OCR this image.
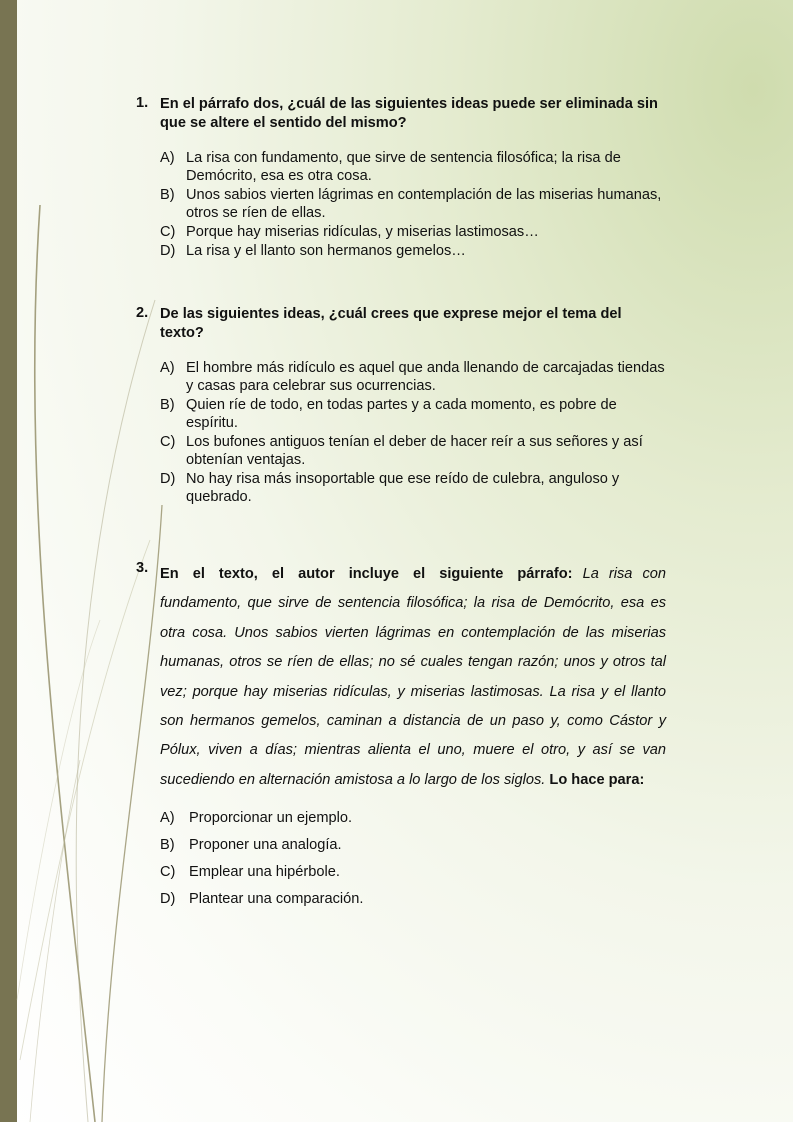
1. En el párrafo dos, ¿cuál de las siguientes ideas puede ser eliminada sin que se altere el sentido del mismo?
A) La risa con fundamento, que sirve de sentencia filosófica; la risa de Demócrito, esa es otra cosa.
B) Unos sabios vierten lágrimas en contemplación de las miserias humanas, otros se ríen de ellas.
C) Porque hay miserias ridículas, y miserias lastimosas…
D) La risa y el llanto son hermanos gemelos…
2. De las siguientes ideas, ¿cuál crees que exprese mejor el tema del texto?
A) El hombre más ridículo es aquel que anda llenando de carcajadas tiendas y casas para celebrar sus ocurrencias.
B) Quien ríe de todo, en todas partes y a cada momento, es pobre de espíritu.
C) Los bufones antiguos tenían el deber de hacer reír a sus señores y así obtenían ventajas.
D) No hay risa más insoportable que ese reído de culebra, anguloso y quebrado.
3. En el texto, el autor incluye el siguiente párrafo: La risa con fundamento, que sirve de sentencia filosófica; la risa de Demócrito, esa es otra cosa. Unos sabios vierten lágrimas en contemplación de las miserias humanas, otros se ríen de ellas; no sé cuales tengan razón; unos y otros tal vez; porque hay miserias ridículas, y miserias lastimosas. La risa y el llanto son hermanos gemelos, caminan a distancia de un paso y, como Cástor y Pólux, viven a días; mientras alienta el uno, muere el otro, y así se van sucediendo en alternación amistosa a lo largo de los siglos. Lo hace para:
A) Proporcionar un ejemplo.
B) Proponer una analogía.
C) Emplear una hipérbole.
D) Plantear una comparación.
